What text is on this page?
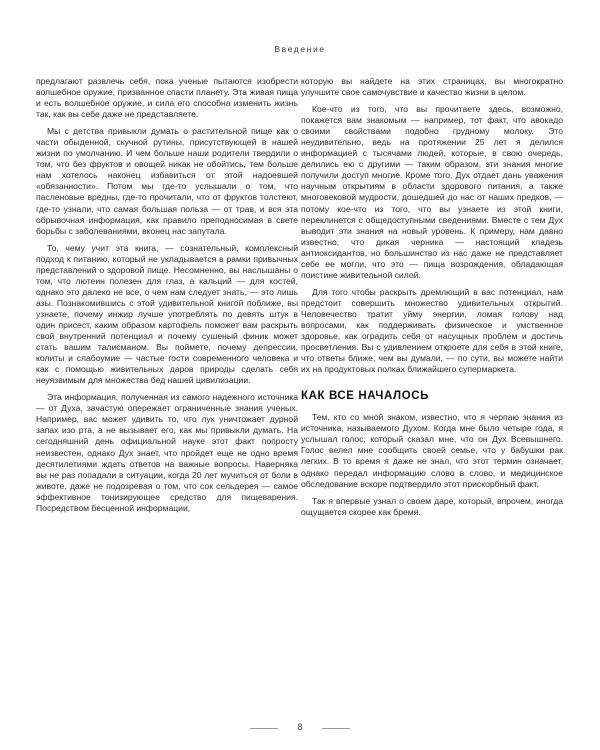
Введение

предлагают развлечь себя, пока ученые пытаются изобрести волшебное оружие, призванное спасти планету. Эта живая пища и есть волшебное оружие, и сила его способна изменить жизнь так, как вы себе даже не представляете.

Мы с детства привыкли думать о растительной пище как о части обыденной, скучной рутины, присутствующей в нашей жизни по умолчанию. И чем больше наши родители твердили о том, что без фруктов и овощей никак не обойтись, тем больше нам хотелось наконец избавиться от этой надоевшей «обязанности». Потом мы где-то услышали о том, что пасленовые вредны, где-то прочитали, что от фруктов толстеют, где-то узнали, что самая большая польза — от трав, и вся эта обрывочная информация, как правило преподносимая в свете борьбы с заболеваниями, вконец нас запутала.

То, чему учит эта книга, — сознательный, комплексный подход к питанию, который не укладывается в рамки привычных представлений о здоровой пище. Несомненно, вы наслышаны о том, что лютеин полезен для глаз, а кальций — для костей, однако это далеко не все, о чем нам следует знать, — это лишь азы. Познакомившись с этой удивительной книгой поближе, вы узнаете, почему инжир лучше употреблять по девять штук в один присест, каким образом картофель поможет вам раскрыть свой внутренний потенциал и почему сушеный финик может стать вашим талисманом. Вы поймете, почему депрессии, колиты и слабоумие — частые гости современного человека и как с помощью живительных даров природы сделать себя неуязвимым для множества бед нашей цивилизации.

Эта информация, полученная из самого надежного источника — от Духа, зачастую опережает ограниченные знания ученых. Например, вас может удивить то, что лук уничтожает дурной запах изо рта, а не вызывает его, как мы привыкли думать. На сегодняшний день официальной науке этот факт попросту неизвестен, однако Дух знает, что пройдет еще не одно время десятилетиями ждать ответов на важные вопросы. Наверняка вы не раз попадали в ситуации, когда 20 лет мучиться от боли в животе, даже не подозревая о том, что сок сельдерея — самое эффективное тонизирующее средство для пищеварения. Посредством бесценной информации,

которую вы найдете на этих страницах, вы многократно улучшите свое самочувствие и качество жизни в целом.

Кое-что из того, что вы прочитаете здесь, возможно, покажется вам знакомым — например, тот факт, что авокадо своими свойствами подобно грудному молоку. Это неудивительно, ведь на протяжении 25 лет я делился информацией с тысячами людей, которые, в свою очередь, делились ею с другими — таким образом, эти знания многие получили доступ многие. Кроме того, Дух отдает дань уважения научным открытиям в области здорового питания, а также многовековой мудрости, дошедшей до нас от наших предков, — потому кое-что из того, что вы узнаете из этой книги, переклинется с общедоступными сведениями. Вместе с тем Дух выводит эти знания на новый уровень. К примеру, нам давно известно, что дикая черника — настоящий кладезь антиоксидантов, но большинство из нас даже не представляет себе ее могли, что это — пища возрождения, обладающая поистине живительной силой.

Для того чтобы раскрыть дремлющий в вас потенциал, нам предстоит совершить множество удивительных открытий. Человечество тратит уйму энергии, ломая голову над вопросами, как поддерживать физическое и умственное здоровье, как оградить себя от насущных проблем и достичь просветления. Вы с удивлением откроете для себя в этой книге, что ответы ближе, чем вы думали, — по сути, вы можете найти их на продуктовых полках ближайшего супермаркета.

КАК ВСЕ НАЧАЛОСЬ

Тем, кто со мной знаком, известно, что я черпаю знания из источника, называемого Духом. Когда мне было четыре года, я услышал голос, который сказал мне, что он Дух Всевышнего. Голос велел мне сообщить своей семье, что у бабушки рак легких. В то время я даже не знал, что этот термин означает, однако передал информацию слово в слово, и медицинское обследование вскоре подтвердило этот прискорбный факт.

Так я впервые узнал о своем даре, который, впрочем, иногда ощущается скорее как бремя.

8
